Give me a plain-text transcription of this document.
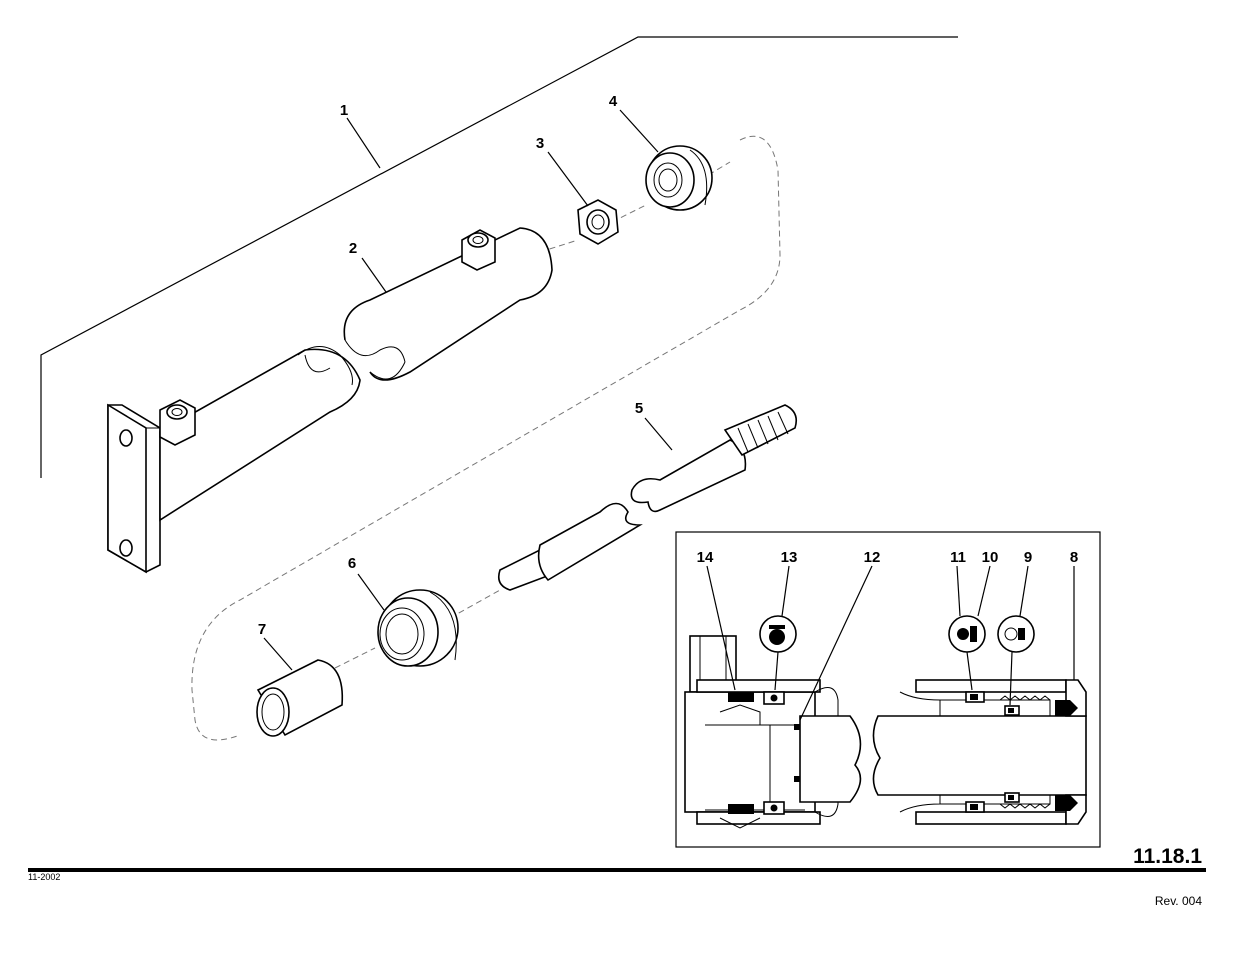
1
2
3
4
5
6
7
14	13	12	11 10 9	8
11.18.1
11-2002
Rev. 004
